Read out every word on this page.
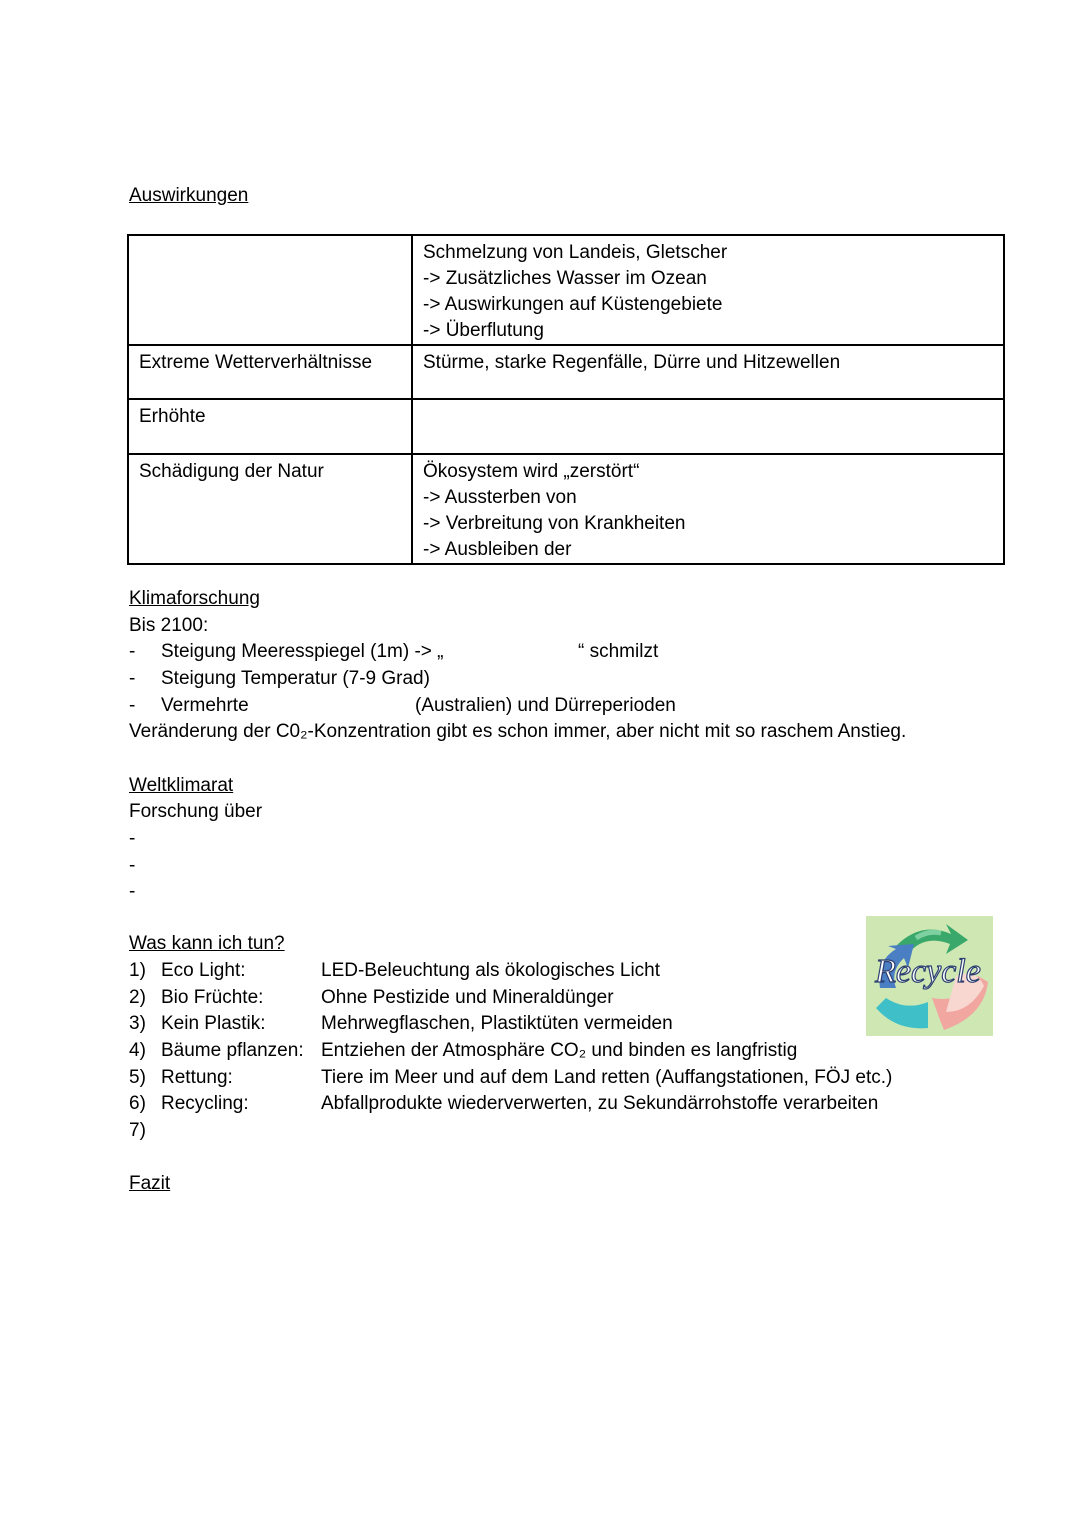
Auswirkungen

	Schmelzung von Landeis, Gletscher
-> Zusätzliches Wasser im Ozean
-> Auswirkungen auf Küstengebiete
-> Überflutung

Extreme Wetterverhältnisse	Stürme, starke Regenfälle, Dürre und Hitzewellen

Erhöhte	
Schädigung der Natur	Ökosystem wird „zerstört“
-> Aussterben von
-> Verbreitung von Krankheiten
-> Ausbleiben der
Klimaforschung
Bis 2100:
- Steigung Meeresspiegel (1m) -> „	“ schmilzt
- Steigung Temperatur (7-9 Grad)
- Vermehrte	(Australien) und Dürreperioden
Veränderung der C0₂-Konzentration gibt es schon immer, aber nicht mit so raschem Anstieg.
Weltklimarat
Forschung über
-
-
-
Was kann ich tun?
1) Eco Light:	LED-Beleuchtung als ökologisches Licht
2) Bio Früchte:	Ohne Pestizide und Mineraldünger
3) Kein Plastik:	Mehrwegflaschen, Plastiktüten vermeiden
4) Bäume pflanzen: Entziehen der Atmosphäre CO₂ und binden es langfristig
5) Rettung:	Tiere im Meer und auf dem Land retten (Auffangstationen, FÖJ etc.)
6) Recycling:	Abfallprodukte wiederverwerten, zu Sekundärrohstoffe verarbeiten
7)
Recycle
Fazit
